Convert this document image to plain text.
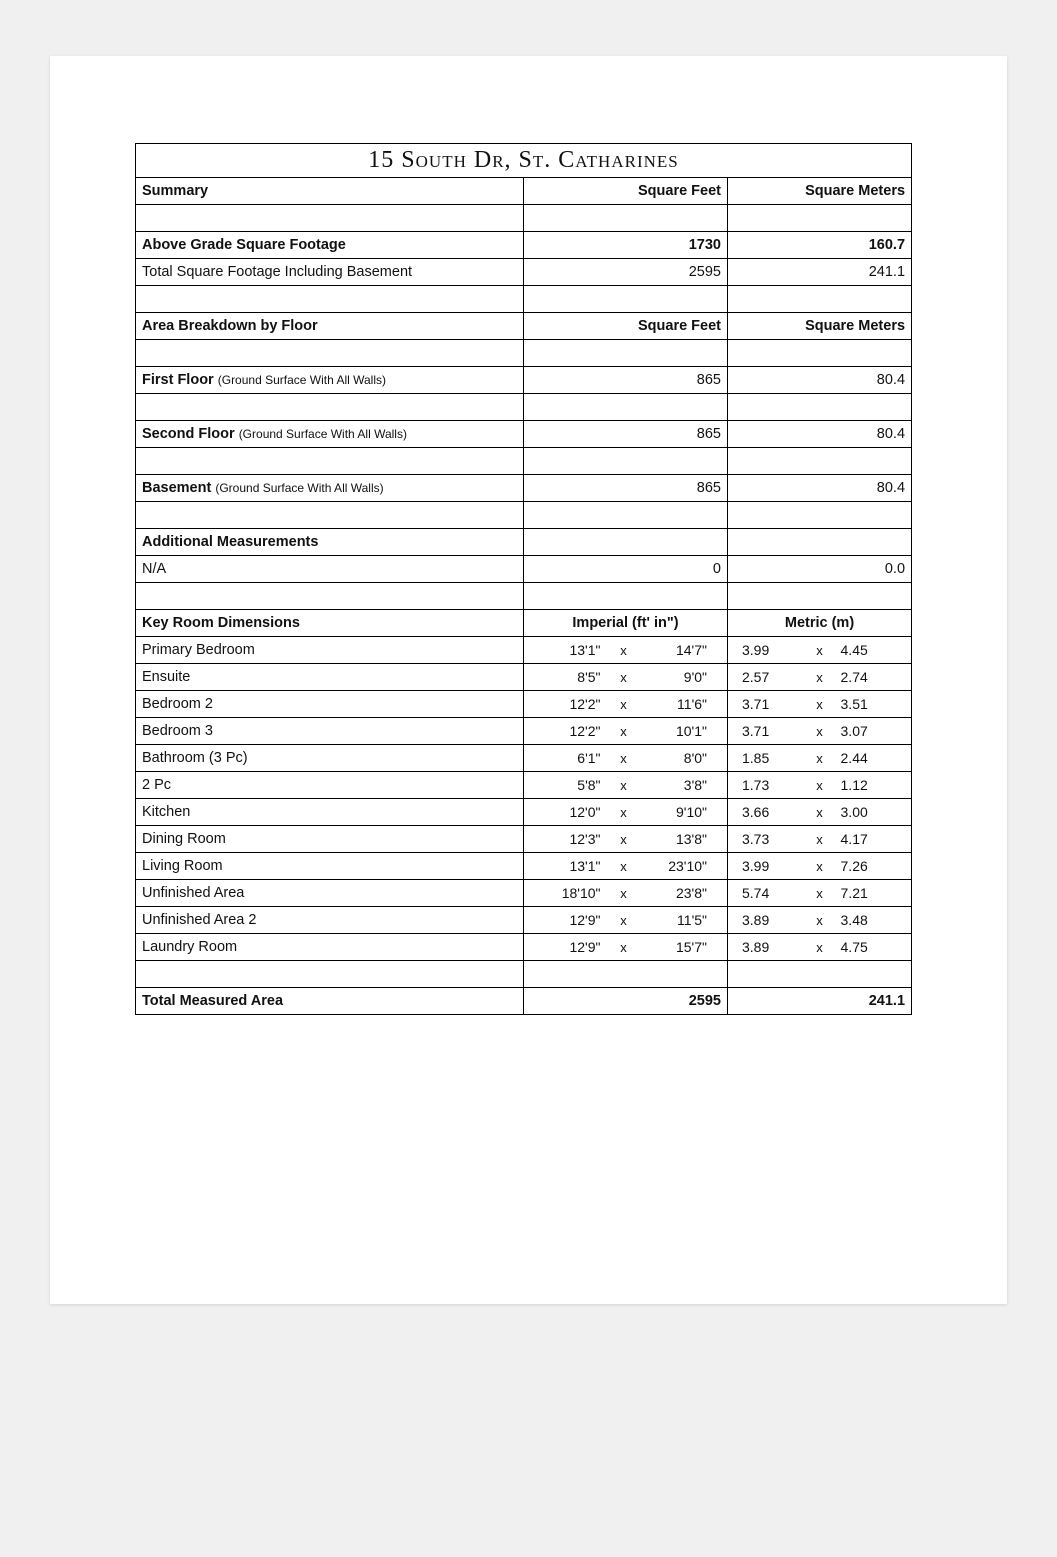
15 South Dr, St. Catharines		
Summary	Square Feet	Square Meters

Above Grade Square Footage	1730	160.7
Total Square Footage Including Basement	2595	241.1

Area Breakdown by Floor	Square Feet	Square Meters

First Floor (Ground Surface With All Walls)	865	80.4

Second Floor (Ground Surface With All Walls)	865	80.4

Basement (Ground Surface With All Walls)	865	80.4

Additional Measurements		
N/A	0	0.0

Key Room Dimensions	Imperial (ft' in")	Metric (m)
Primary Bedroom	13'1" x 14'7"	3.99 x 4.45

Ensuite	8'5" x 9'0"	2.57 x 2.74

Bedroom 2	12'2" x 11'6"	3.71 x 3.51

Bedroom 3	12'2" x 10'1"	3.71 x 3.07

Bathroom (3 Pc)	6'1" x 8'0"	1.85 x 2.44

2 Pc	5'8" x 3'8"	1.73 x 1.12

Kitchen	12'0" x 9'10"	3.66 x 3.00

Dining Room	12'3" x 13'8"	3.73 x 4.17

Living Room	13'1" x 23'10"	3.99 x 7.26

Unfinished Area	18'10" x 23'8"	5.74 x 7.21

Unfinished Area 2	12'9" x 11'5"	3.89 x 3.48

Laundry Room	12'9" x 15'7"	3.89 x 4.75

Total Measured Area	2595	241.1
